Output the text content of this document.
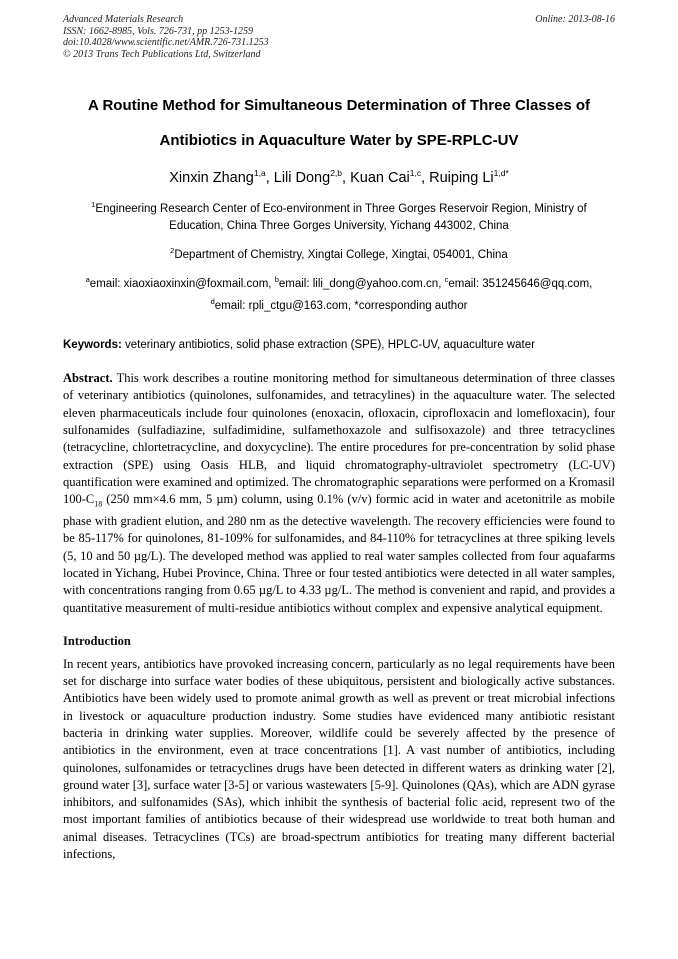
Advanced Materials Research
ISSN: 1662-8985, Vols. 726-731, pp 1253-1259
doi:10.4028/www.scientific.net/AMR.726-731.1253
© 2013 Trans Tech Publications Ltd, Switzerland
Online: 2013-08-16
A Routine Method for Simultaneous Determination of Three Classes of
Antibiotics in Aquaculture Water by SPE-RPLC-UV
Xinxin Zhang$^{1,a}$, Lili Dong$^{2,b}$, Kuan Cai$^{1,c}$, Ruiping $Li^{1,d*}$
$^1$Engineering Research Center of Eco-environment in Three Gorges Reservoir Region, Ministry of Education, China Three Gorges University, Yichang 443002, China
$^2$Department of Chemistry, Xingtai College, Xingtai, 054001, China
$^a$email: xiaoxiaoxinxin@foxmail.com, $^b$email: lili_dong@yahoo.com.cn, $^c$email: 351245646@qq.com,
$^d$email: rpli_ctgu@163.com, *corresponding author
Keywords: veterinary antibiotics, solid phase extraction (SPE), HPLC-UV, aquaculture water
Abstract. This work describes a routine monitoring method for simultaneous determination of three classes of veterinary antibiotics (quinolones, sulfonamides, and tetracylines) in the aquaculture water. The selected eleven pharmaceuticals include four quinolones (enoxacin, ofloxacin, ciprofloxacin and lomefloxacin), four sulfonamides (sulfadiazine, sulfadimidine, sulfamethoxazole and sulfisoxazole) and three tetracyclines (tetracycline, chlortetracycline, and doxycycline). The entire procedures for pre-concentration by solid phase extraction (SPE) using Oasis HLB, and liquid chromatography-ultraviolet spectrometry (LC-UV) quantification were examined and optimized. The chromatographic separations were performed on a Kromasil $100-C_{18}$ (250 mm×4.6 mm, 5 µm) column, using 0.1% (v/v) formic acid in water and acetonitrile as mobile phase with gradient elution, and 280 nm as the detective wavelength. The recovery efficiencies were found to be 85-117% for quinolones, 81-109% for sulfonamides, and 84-110% for tetracyclines at three spiking levels (5, 10 and 50 µg/L). The developed method was applied to real water samples collected from four aquafarms located in Yichang, Hubei Province, China. Three or four tested antibiotics were detected in all water samples, with concentrations ranging from 0.65 µg/L to 4.33 µg/L. The method is convenient and rapid, and provides a quantitative measurement of multi-residue antibiotics without complex and expensive analytical equipment.
Introduction
In recent years, antibiotics have provoked increasing concern, particularly as no legal requirements have been set for discharge into surface water bodies of these ubiquitous, persistent and biologically active substances. Antibiotics have been widely used to promote animal growth as well as prevent or treat microbial infections in livestock or aquaculture production industry. Some studies have evidenced many antibiotic resistant bacteria in drinking water supplies. Moreover, wildlife could be severely affected by the presence of antibiotics in the environment, even at trace concentrations [1]. A vast number of antibiotics, including quinolones, sulfonamides or tetracyclines drugs have been detected in different waters as drinking water [2], ground water [3], surface water [3-5] or various wastewaters [5-9]. Quinolones (QAs), which are ADN gyrase inhibitors, and sulfonamides (SAs), which inhibit the synthesis of bacterial folic acid, represent two of the most important families of antibiotics because of their widespread use worldwide to treat both human and animal diseases. Tetracyclines (TCs) are broad-spectrum antibiotics for treating many different bacterial infections,
